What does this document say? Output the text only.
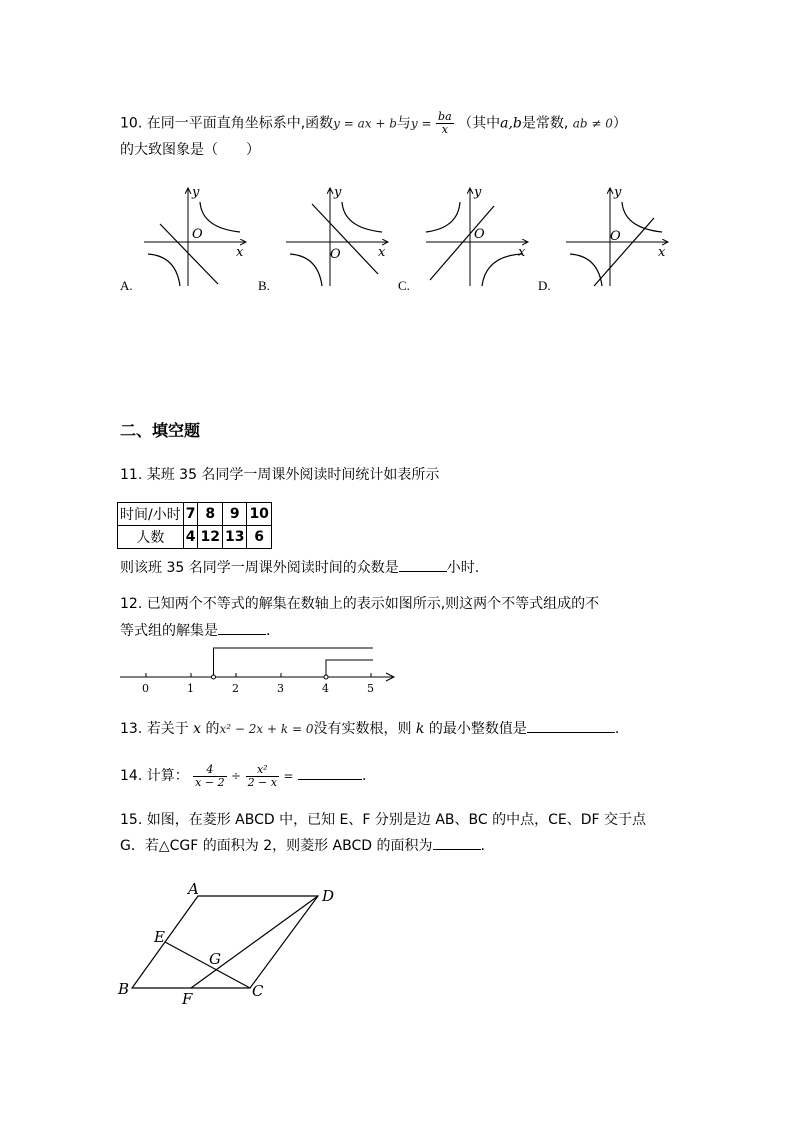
10. 在同一平面直角坐标系中,函数y = ax + b与$y = \frac{ba}{x}$ （其中a,b是常数, ab ≠ 0）
的大致图象是（　　）
y
O
x
A.
y
O	x
B.
y
O
x
C.
y
O
x
D.
二、填空题
11. 某班 35 名同学一周课外阅读时间统计如表所示
时间/小时	7	8	9	10
人数	4	12	13	6
则该班 35 名同学一周课外阅读时间的众数是	小时.
12. 已知两个不等式的解集在数轴上的表示如图所示,则这两个不等式组成的不
等式组的解集是	.
0	1	2	3	4	5
13. 若关于 x 的x² − 2x + k = 0没有实数根，则 k 的最小整数值是	.
14. 计算： $\frac{4}{x - 2} \div \frac{\text{x²}}{2 - x}$ =	.
15. 如图，在菱形 ABCD 中，已知 E、F 分别是边 AB、BC 的中点，CE、DF 交于点
G．若△CGF 的面积为 2，则菱形 ABCD 的面积为	.
A	D
E
G
B
F	C
